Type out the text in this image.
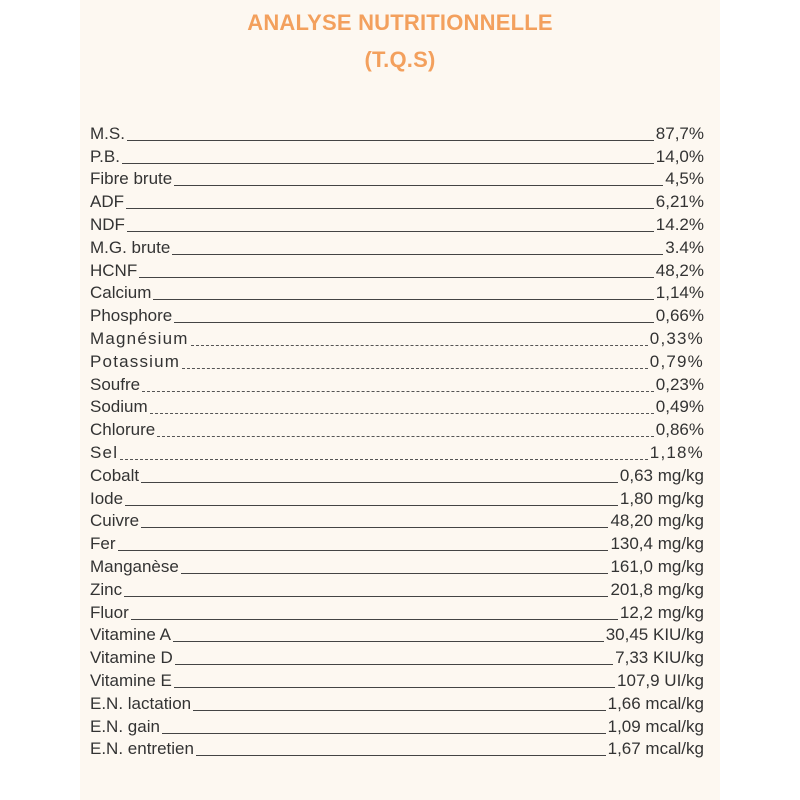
ANALYSE NUTRITIONNELLE
(T.Q.S)
M.S.	87,7%
P.B.	14,0%
Fibre brute	4,5%
ADF	6,21%
NDF	14.2%
M.G. brute	3.4%
HCNF	48,2%
Calcium	1,14%
Phosphore	0,66%
Magnésium	0,33%
Potassium	0,79%
Soufre	0,23%
Sodium	0,49%
Chlorure	0,86%
Sel	1,18%
Cobalt	0,63 mg/kg
Iode	1,80 mg/kg
Cuivre	48,20 mg/kg
Fer	130,4 mg/kg
Manganèse	161,0 mg/kg
Zinc	201,8 mg/kg
Fluor	12,2 mg/kg
Vitamine A	30,45 KIU/kg
Vitamine D	7,33 KIU/kg
Vitamine E	107,9 UI/kg
E.N. lactation	1,66 mcal/kg
E.N. gain	1,09 mcal/kg
E.N. entretien	1,67 mcal/kg
